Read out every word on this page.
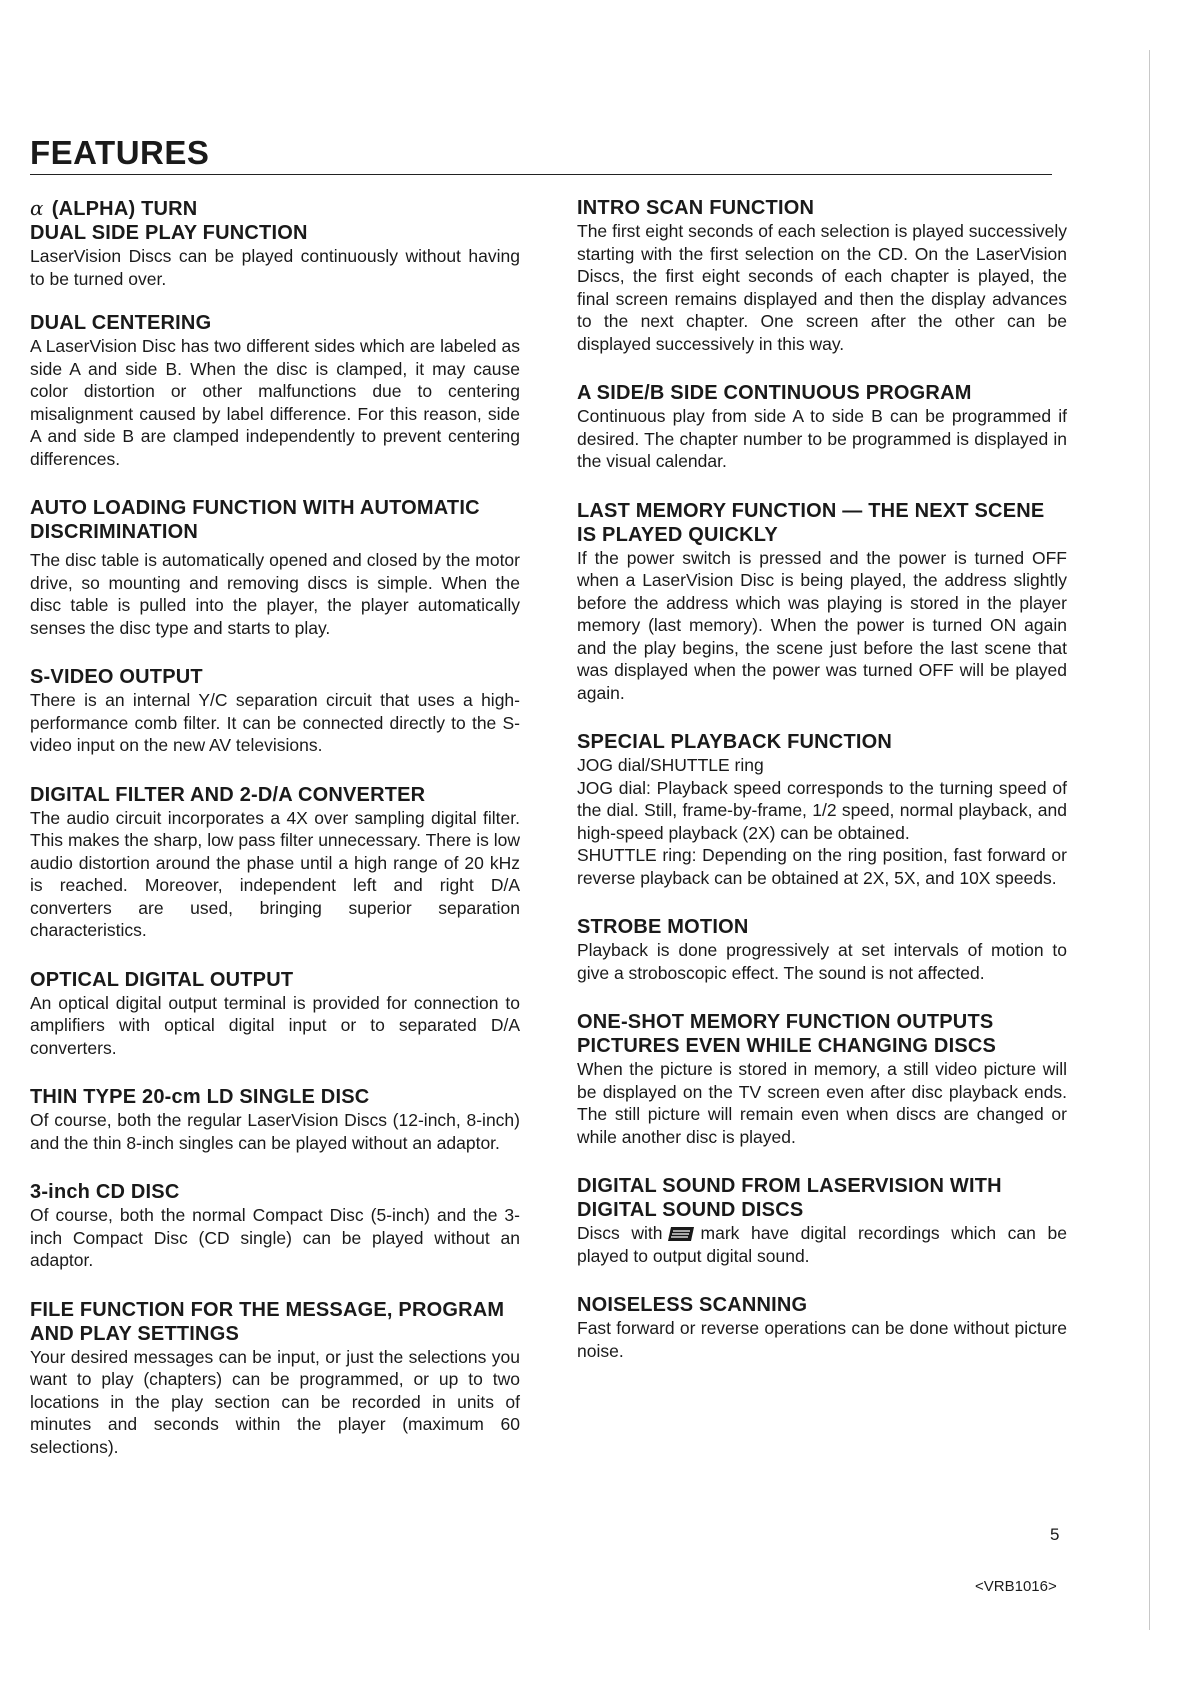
FEATURES
α (ALPHA) TURN
DUAL SIDE PLAY FUNCTION

LaserVision Discs can be played continuously without having to be turned over.

DUAL CENTERING

A LaserVision Disc has two different sides which are labeled as side A and side B. When the disc is clamped, it may cause color distortion or other malfunctions due to centering misalignment caused by label difference. For this reason, side A and side B are clamped independently to prevent centering differences.

AUTO LOADING FUNCTION WITH AUTOMATIC DISCRIMINATION

The disc table is automatically opened and closed by the motor drive, so mounting and removing discs is simple. When the disc table is pulled into the player, the player automatically senses the disc type and starts to play.

S-VIDEO OUTPUT

There is an internal Y/C separation circuit that uses a high-performance comb filter. It can be connected directly to the S-video input on the new AV televisions.

DIGITAL FILTER AND 2-D/A CONVERTER

The audio circuit incorporates a 4X over sampling digital filter. This makes the sharp, low pass filter unnecessary. There is low audio distortion around the phase until a high range of 20 kHz is reached. Moreover, independent left and right D/A converters are used, bringing superior separation characteristics.

OPTICAL DIGITAL OUTPUT

An optical digital output terminal is provided for connection to amplifiers with optical digital input or to separated D/A converters.

THIN TYPE 20-cm LD SINGLE DISC

Of course, both the regular LaserVision Discs (12-inch, 8-inch) and the thin 8-inch singles can be played without an adaptor.

3-inch CD DISC

Of course, both the normal Compact Disc (5-inch) and the 3-inch Compact Disc (CD single) can be played without an adaptor.

FILE FUNCTION FOR THE MESSAGE, PROGRAM AND PLAY SETTINGS

Your desired messages can be input, or just the selections you want to play (chapters) can be programmed, or up to two locations in the play section can be recorded in units of minutes and seconds within the player (maximum 60 selections).

INTRO SCAN FUNCTION

The first eight seconds of each selection is played successively starting with the first selection on the CD. On the LaserVision Discs, the first eight seconds of each chapter is played, the final screen remains displayed and then the display advances to the next chapter. One screen after the other can be displayed successively in this way.

A SIDE/B SIDE CONTINUOUS PROGRAM

Continuous play from side A to side B can be programmed if desired. The chapter number to be programmed is displayed in the visual calendar.

LAST MEMORY FUNCTION — THE NEXT SCENE IS PLAYED QUICKLY

If the power switch is pressed and the power is turned OFF when a LaserVision Disc is being played, the address slightly before the address which was playing is stored in the player memory (last memory). When the power is turned ON again and the play begins, the scene just before the last scene that was displayed when the power was turned OFF will be played again.

SPECIAL PLAYBACK FUNCTION

JOG dial/SHUTTLE ring

JOG dial: Playback speed corresponds to the turning speed of the dial. Still, frame-by-frame, 1/2 speed, normal playback, and high-speed playback (2X) can be obtained.

SHUTTLE ring: Depending on the ring position, fast forward or reverse playback can be obtained at 2X, 5X, and 10X speeds.

STROBE MOTION

Playback is done progressively at set intervals of motion to give a stroboscopic effect. The sound is not affected.

ONE-SHOT MEMORY FUNCTION OUTPUTS PICTURES EVEN WHILE CHANGING DISCS

When the picture is stored in memory, a still video picture will be displayed on the TV screen even after disc playback ends. The still picture will remain even when discs are changed or while another disc is played.

DIGITAL SOUND FROM LASERVISION WITH DIGITAL SOUND DISCS

Discs with mark have digital recordings which can be played to output digital sound.

NOISELESS SCANNING

Fast forward or reverse operations can be done without picture noise.

5
<VRB1016>
